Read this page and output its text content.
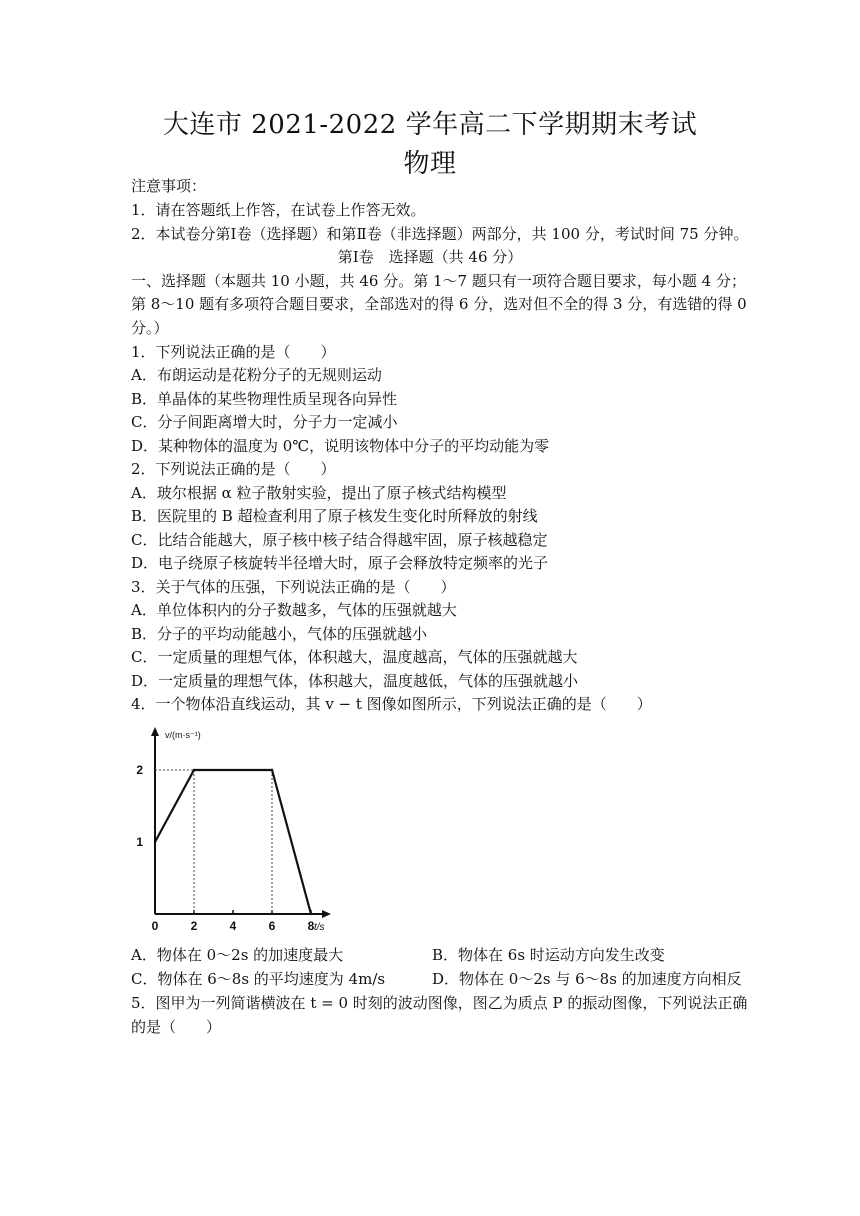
大连市 2021-2022 学年高二下学期期末考试
物理
注意事项：
1．请在答题纸上作答，在试卷上作答无效。
2．本试卷分第Ⅰ卷（选择题）和第Ⅱ卷（非选择题）两部分，共 100 分，考试时间 75 分钟。
第Ⅰ卷　选择题（共 46 分）
一、选择题（本题共 10 小题，共 46 分。第 1～7 题只有一项符合题目要求，每小题 4 分；
第 8～10 题有多项符合题目要求，全部选对的得 6 分，选对但不全的得 3 分，有选错的得 0
分。）
1．下列说法正确的是（　　）
A．布朗运动是花粉分子的无规则运动
B．单晶体的某些物理性质呈现各向异性
C．分子间距离增大时，分子力一定减小
D．某种物体的温度为 0℃，说明该物体中分子的平均动能为零
2．下列说法正确的是（　　）
A．玻尔根据 α 粒子散射实验，提出了原子核式结构模型
B．医院里的 B 超检查利用了原子核发生变化时所释放的射线
C．比结合能越大，原子核中核子结合得越牢固，原子核越稳定
D．电子绕原子核旋转半径增大时，原子会释放特定频率的光子
3．关于气体的压强，下列说法正确的是（　　）
A．单位体积内的分子数越多，气体的压强就越大
B．分子的平均动能越小，气体的压强就越小
C．一定质量的理想气体，体积越大，温度越高，气体的压强就越大
D．一定质量的理想气体，体积越大，温度越低，气体的压强就越小
4．一个物体沿直线运动，其 v − t 图像如图所示，下列说法正确的是（　　）
v/(m·s⁻¹)
t/s
0	2	4	6	8
1
2
A．物体在 0～2s 的加速度最大	B．物体在 6s 时运动方向发生改变
C．物体在 6～8s 的平均速度为 4m/s	D．物体在 0～2s 与 6～8s 的加速度方向相反
5．图甲为一列简谐横波在 t = 0 时刻的波动图像，图乙为质点 P 的振动图像，下列说法正确
的是（　　）
